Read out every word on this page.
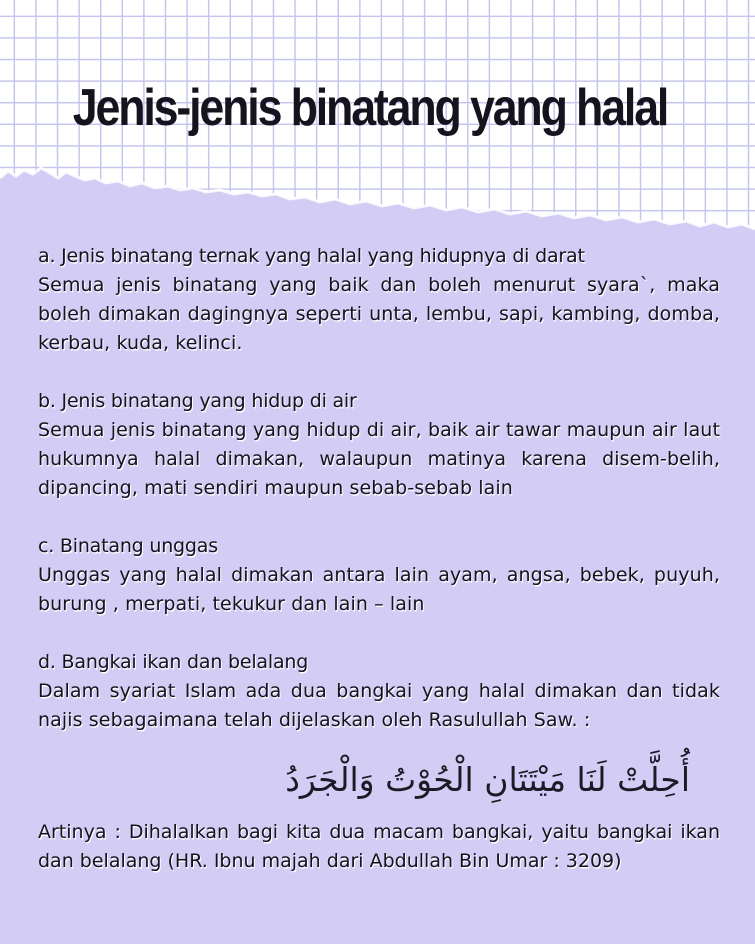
Jenis-jenis binatang yang halal
a. Jenis binatang ternak yang halal yang hidupnya di darat
Semua jenis binatang yang baik dan boleh menurut syara`, maka boleh dimakan dagingnya seperti unta, lembu, sapi, kambing, domba, kerbau, kuda, kelinci.
b. Jenis binatang yang hidup di air
Semua jenis binatang yang hidup di air, baik air tawar maupun air laut hukumnya halal dimakan, walaupun matinya karena disem-belih, dipancing, mati sendiri maupun sebab-sebab lain
c. Binatang unggas
Unggas yang halal dimakan antara lain ayam, angsa, bebek, puyuh, burung , merpati, tekukur dan lain – lain
d. Bangkai ikan dan belalang
Dalam syariat Islam ada dua bangkai yang halal dimakan dan tidak najis sebagaimana telah dijelaskan oleh Rasulullah Saw. :
أُحِلَّتْ لَنَا مَيْتَتَانِ الْحُوْتُ وَالْجَرَدُ
Artinya : Dihalalkan bagi kita dua macam bangkai, yaitu bangkai ikan dan belalang (HR. Ibnu majah dari Abdullah Bin Umar : 3209)
